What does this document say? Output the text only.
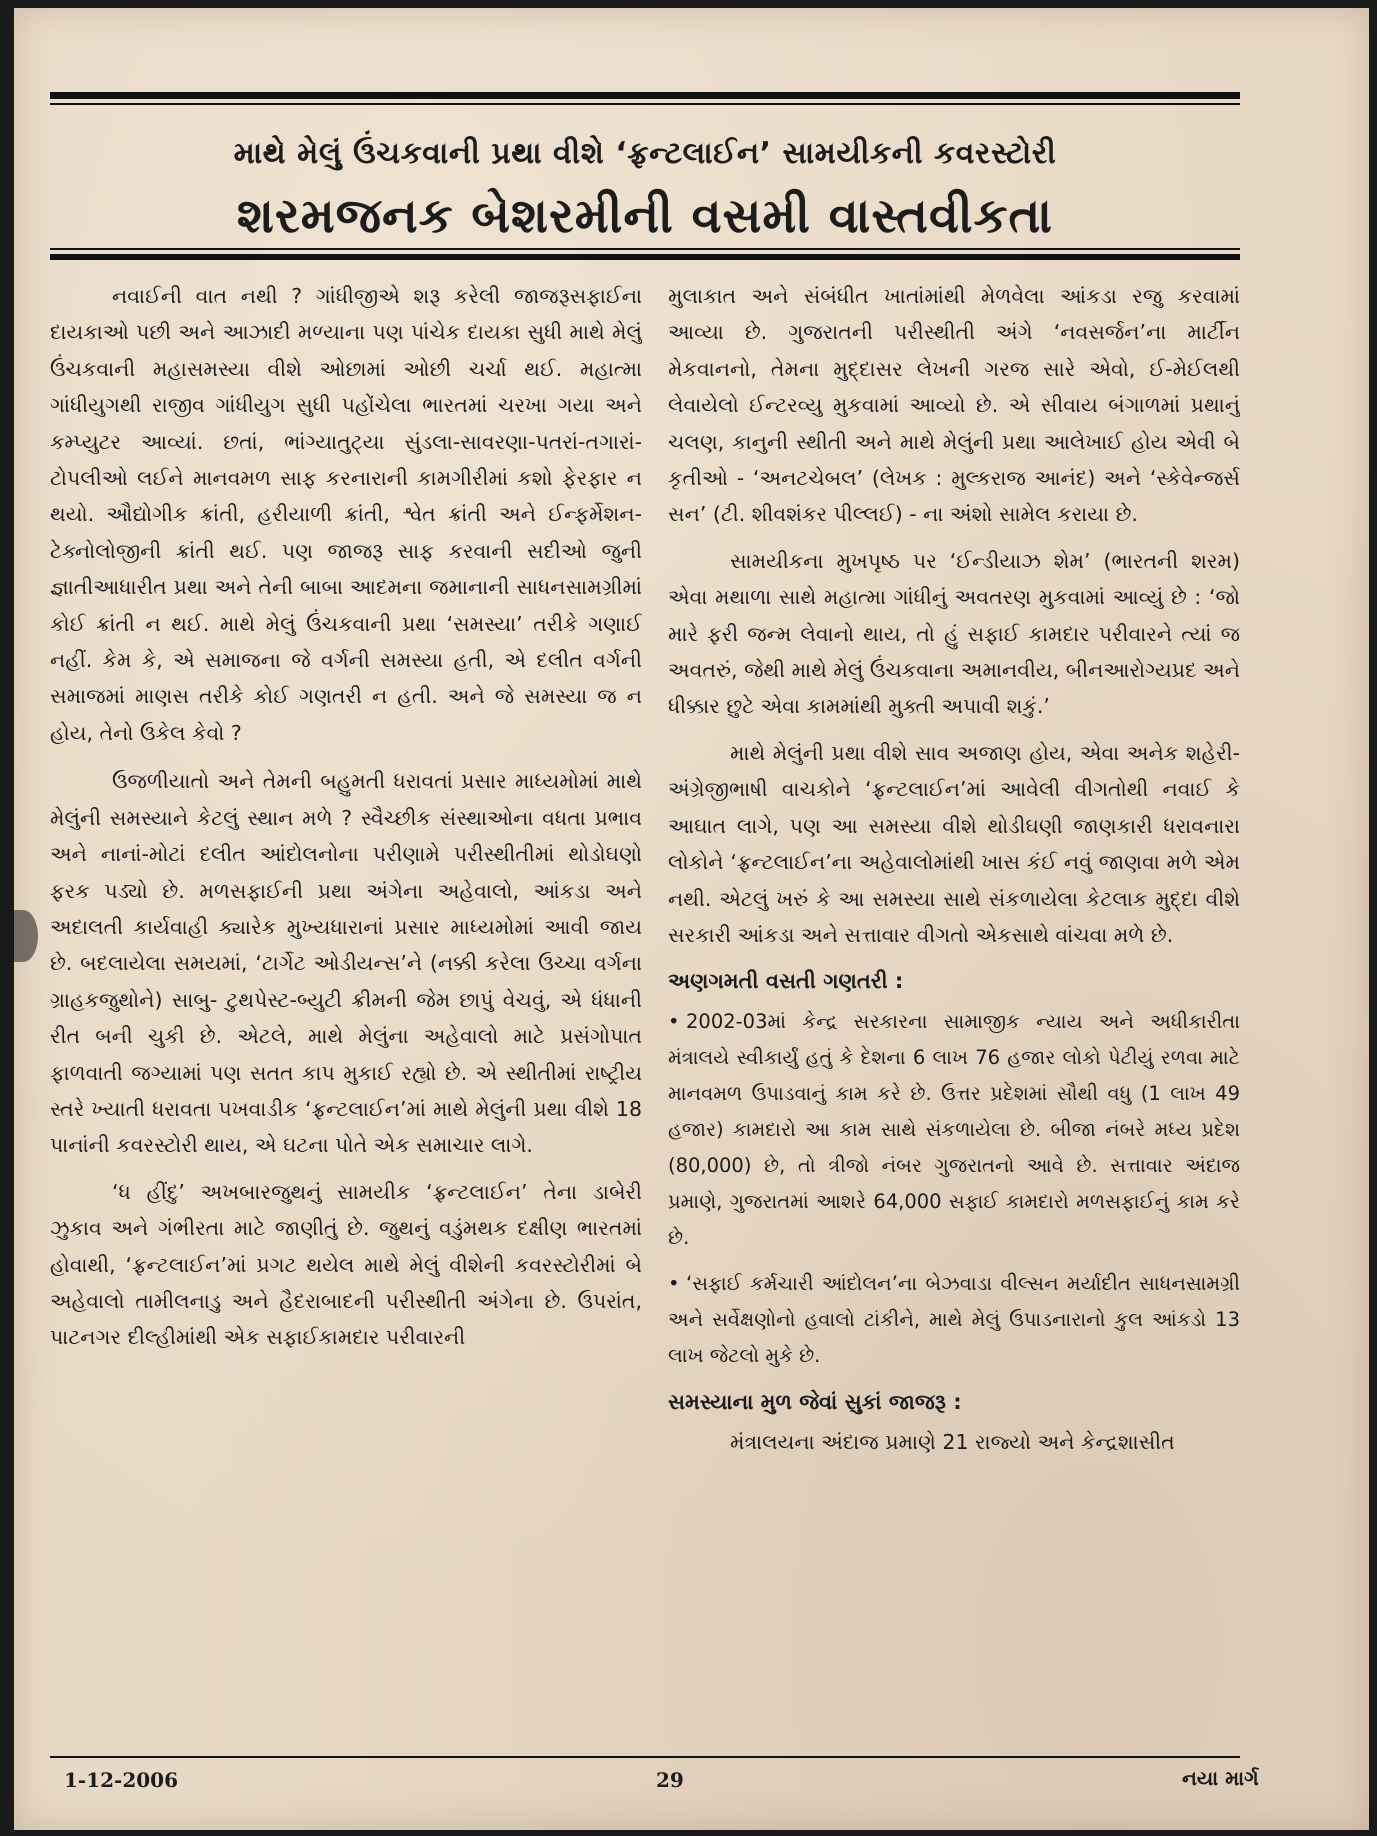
માથે મેલું ઉંચકવાની પ્રથા વીશે ‘ફ્રન્ટલાઈન’ સામયીકની કવરસ્ટોરી
શરમજનક બેશરમીની વસમી વાસ્તવીકતા

નવાઈની વાત નથી ? ગાંધીજીએ શરૂ કરેલી જાજરૂસફાઈના દાયકાઓ પછી અને આઝાદી મળ્યાના પણ પાંચેક દાયકા સુધી માથે મેલું ઉંચકવાની મહાસમસ્યા વીશે ઓછામાં ઓછી ચર્ચા થઈ. મહાત્મા ગાંધીયુગથી રાજીવ ગાંધીયુગ સુધી પહોંચેલા ભારતમાં ચરખા ગયા અને કમ્પ્યુટર આવ્યાં. છતાં, ભાંગ્યાતુટ્યા સુંડલા-સાવરણા-પતરાં-તગારાં-ટોપલીઓ લઈને માનવમળ સાફ કરનારાની કામગીરીમાં કશો ફેરફાર ન થયો. ઔદ્યોગીક ક્રાંતી, હરીયાળી ક્રાંતી, શ્વેત ક્રાંતી અને ઈન્ફર્મેશન-ટેક્નોલોજીની ક્રાંતી થઈ. પણ જાજરૂ સાફ કરવાની સદીઓ જુની જ્ઞાતીઆધારીત પ્રથા અને તેની બાબા આદમના જમાનાની સાધનસામગ્રીમાં કોઈ ક્રાંતી ન થઈ. માથે મેલું ઉંચકવાની પ્રથા ‘સમસ્યા’ તરીકે ગણાઈ નહીં. કેમ કે, એ સમાજના જે વર્ગની સમસ્યા હતી, એ દલીત વર્ગની સમાજમાં માણસ તરીકે કોઈ ગણતરી ન હતી. અને જે સમસ્યા જ ન હોય, તેનો ઉકેલ કેવો ?

ઉજળીયાતો અને તેમની બહુમતી ધરાવતાં પ્રસાર માધ્યમોમાં માથે મેલુંની સમસ્યાને કેટલું સ્થાન મળે ? સ્વૈચ્છીક સંસ્થાઓના વધતા પ્રભાવ અને નાનાં-મોટાં દલીત આંદોલનોના પરીણામે પરીસ્થીતીમાં થોડોઘણો ફરક પડ્યો છે. મળસફાઈની પ્રથા અંગેના અહેવાલો, આંકડા અને અદાલતી કાર્યવાહી ક્યારેક મુખ્યધારાનાં પ્રસાર માધ્યમોમાં આવી જાય છે. બદલાયેલા સમયમાં, ‘ટાર્ગેટ ઓડીયન્સ’ને (નક્કી કરેલા ઉચ્ચા વર્ગના ગ્રાહકજુથોને) સાબુ- ટુથપેસ્ટ-બ્યુટી ક્રીમની જેમ છાપું વેચવું, એ ધંધાની રીત બની ચુકી છે. એટલે, માથે મેલુંના અહેવાલો માટે પ્રસંગોપાત ફાળવાતી જગ્યામાં પણ સતત કાપ મુકાઈ રહ્યો છે. એ સ્થીતીમાં રાષ્ટ્રીય સ્તરે ખ્યાતી ધરાવતા પખવાડીક ‘ફ્રન્ટલાઈન’માં માથે મેલુંની પ્રથા વીશે 18 પાનાંની કવરસ્ટોરી થાય, એ ઘટના પોતે એક સમાચાર લાગે.

‘ધ હીંદુ’ અખબારજુથનું સામયીક ‘ફ્રન્ટલાઈન’ તેના ડાબેરી ઝુકાવ અને ગંભીરતા માટે જાણીતું છે. જુથનું વડુંમથક દક્ષીણ ભારતમાં હોવાથી, ‘ફ્રન્ટલાઈન’માં પ્રગટ થયેલ માથે મેલું વીશેની કવરસ્ટોરીમાં બે અહેવાલો તામીલનાડુ અને હૈદરાબાદની પરીસ્થીતી અંગેના છે. ઉપરાંત, પાટનગર દીલ્હીમાંથી એક સફાઈકામદાર પરીવારની

મુલાકાત અને સંબંધીત ખાતાંમાંથી મેળવેલા આંકડા રજુ કરવામાં આવ્યા છે. ગુજરાતની પરીસ્થીતી અંગે ‘નવસર્જન’ના માર્ટીન મેકવાનનો, તેમના મુદ્દાસર લેખની ગરજ સારે એવો, ઈ-મેઈલથી લેવાયેલો ઈન્ટરવ્યુ મુકવામાં આવ્યો છે. એ સીવાય બંગાળમાં પ્રથાનું ચલણ, કાનુની સ્થીતી અને માથે મેલુંની પ્રથા આલેખાઈ હોય એવી બે કૃતીઓ - ‘અનટચેબલ’ (લેખક : મુલ્કરાજ આનંદ) અને ‘સ્કેવેન્જર્સ સન’ (ટી. શીવશંકર પીલ્લઈ) - ના અંશો સામેલ કરાયા છે.

સામયીકના મુખપૃષ્ઠ પર ‘ઈન્ડીયાઝ શેમ’ (ભારતની શરમ) એવા મથાળા સાથે મહાત્મા ગાંધીનું અવતરણ મુકવામાં આવ્યું છે : ‘જો મારે ફરી જન્મ લેવાનો થાય, તો હું સફાઈ કામદાર પરીવારને ત્યાં જ અવતરું, જેથી માથે મેલું ઉંચકવાના અમાનવીય, બીનઆરોગ્યપ્રદ અને ધીક્કાર છુટે એવા કામમાંથી મુક્તી અપાવી શકું.’

માથે મેલુંની પ્રથા વીશે સાવ અજાણ હોય, એવા અનેક શહેરી-અંગ્રેજીભાષી વાચકોને ‘ફ્રન્ટલાઈન’માં આવેલી વીગતોથી નવાઈ કે આઘાત લાગે, પણ આ સમસ્યા વીશે થોડીઘણી જાણકારી ધરાવનારા લોકોને ‘ફ્રન્ટલાઈન’ના અહેવાલોમાંથી ખાસ કંઈ નવું જાણવા મળે એમ નથી. એટલું ખરું કે આ સમસ્યા સાથે સંકળાયેલા કેટલાક મુદ્દા વીશે સરકારી આંકડા અને સત્તાવાર વીગતો એકસાથે વાંચવા મળે છે.

અણગમતી વસતી ગણતરી :

• 2002-03માં કેન્દ્ર સરકારના સામાજીક ન્યાય અને અધીકારીતા મંત્રાલયે સ્વીકાર્યું હતું કે દેશના 6 લાખ 76 હજાર લોકો પેટીયું રળવા માટે માનવમળ ઉપાડવાનું કામ કરે છે. ઉત્તર પ્રદેશમાં સૌથી વધુ (1 લાખ 49 હજાર) કામદારો આ કામ સાથે સંકળાયેલા છે. બીજા નંબરે મધ્ય પ્રદેશ (80,000) છે, તો ત્રીજો નંબર ગુજરાતનો આવે છે. સત્તાવાર અંદાજ પ્રમાણે, ગુજરાતમાં આશરે 64,000 સફાઈ કામદારો મળસફાઈનું કામ કરે છે.

• ‘સફાઈ કર્મચારી આંદોલન’ના બેઝવાડા વીલ્સન મર્યાદીત સાધનસામગ્રી અને સર્વેક્ષણોનો હવાલો ટાંકીને, માથે મેલું ઉપાડનારાનો કુલ આંકડો 13 લાખ જેટલો મુકે છે.

સમસ્યાના મુળ જેવાં સુકાં જાજરૂ :

મંત્રાલયના અંદાજ પ્રમાણે 21 રાજ્યો અને કેન્દ્રશાસીત

1-12-2006	29	નયા માર્ગ
